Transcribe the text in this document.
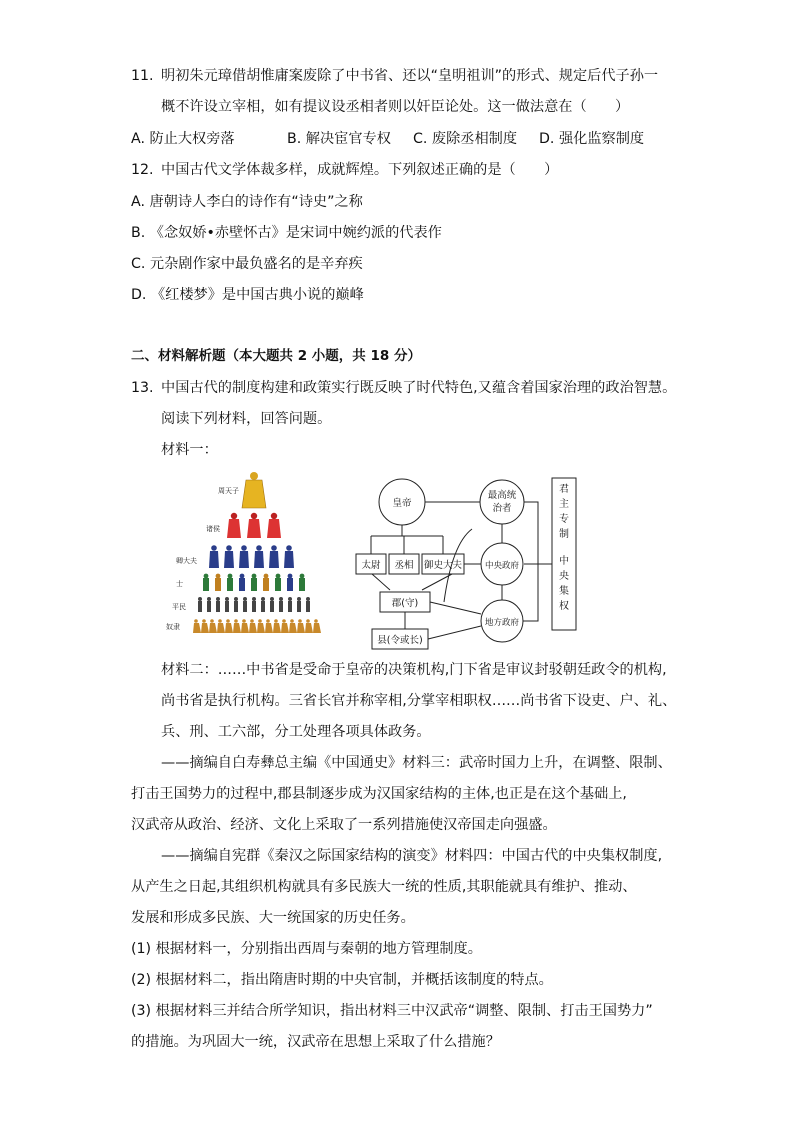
11. 明初朱元璋借胡惟庸案废除了中书省、还以“皇明祖训”的形式、规定后代子孙一
概不许设立宰相，如有提议设丞相者则以奸臣论处。这一做法意在（　　）
A. 防止大权旁落	B. 解决宦官专权 C. 废除丞相制度 D. 强化监察制度
12. 中国古代文学体裁多样，成就辉煌。下列叙述正确的是（　　）
A. 唐朝诗人李白的诗作有“诗史”之称
B. 《念奴娇•赤壁怀古》是宋词中婉约派的代表作
C. 元杂剧作家中最负盛名的是辛弃疾
D. 《红楼梦》是中国古典小说的巅峰
二、材料解析题（本大题共 2 小题，共 18 分）
13. 中国古代的制度构建和政策实行既反映了时代特色,又蕴含着国家治理的政治智慧。
阅读下列材料，回答问题。
材料一：
周天子
诸侯
卿大夫
士
平民
奴隶
皇帝
太尉 丞相 御史大夫
郡(守)
县(令或长)
最高统治者
中央政府
地方政府
君主专制
中央集权
材料二：……中书省是受命于皇帝的决策机构,门下省是审议封驳朝廷政令的机构,
尚书省是执行机构。三省长官并称宰相,分掌宰相职权……尚书省下设吏、户、礼、
兵、刑、工六部，分工处理各项具体政务。
——摘编自白寿彝总主编《中国通史》材料三：武帝时国力上升，在调整、限制、
打击王国势力的过程中,郡县制逐步成为汉国家结构的主体,也正是在这个基础上,
汉武帝从政治、经济、文化上采取了一系列措施使汉帝国走向强盛。
——摘编自宪群《秦汉之际国家结构的演变》材料四：中国古代的中央集权制度,
从产生之日起,其组织机构就具有多民族大一统的性质,其职能就具有维护、推动、
发展和形成多民族、大一统国家的历史任务。
(1) 根据材料一，分别指出西周与秦朝的地方管理制度。
(2) 根据材料二，指出隋唐时期的中央官制，并概括该制度的特点。
(3) 根据材料三并结合所学知识，指出材料三中汉武帝“调整、限制、打击王国势力”
的措施。为巩固大一统，汉武帝在思想上采取了什么措施？
